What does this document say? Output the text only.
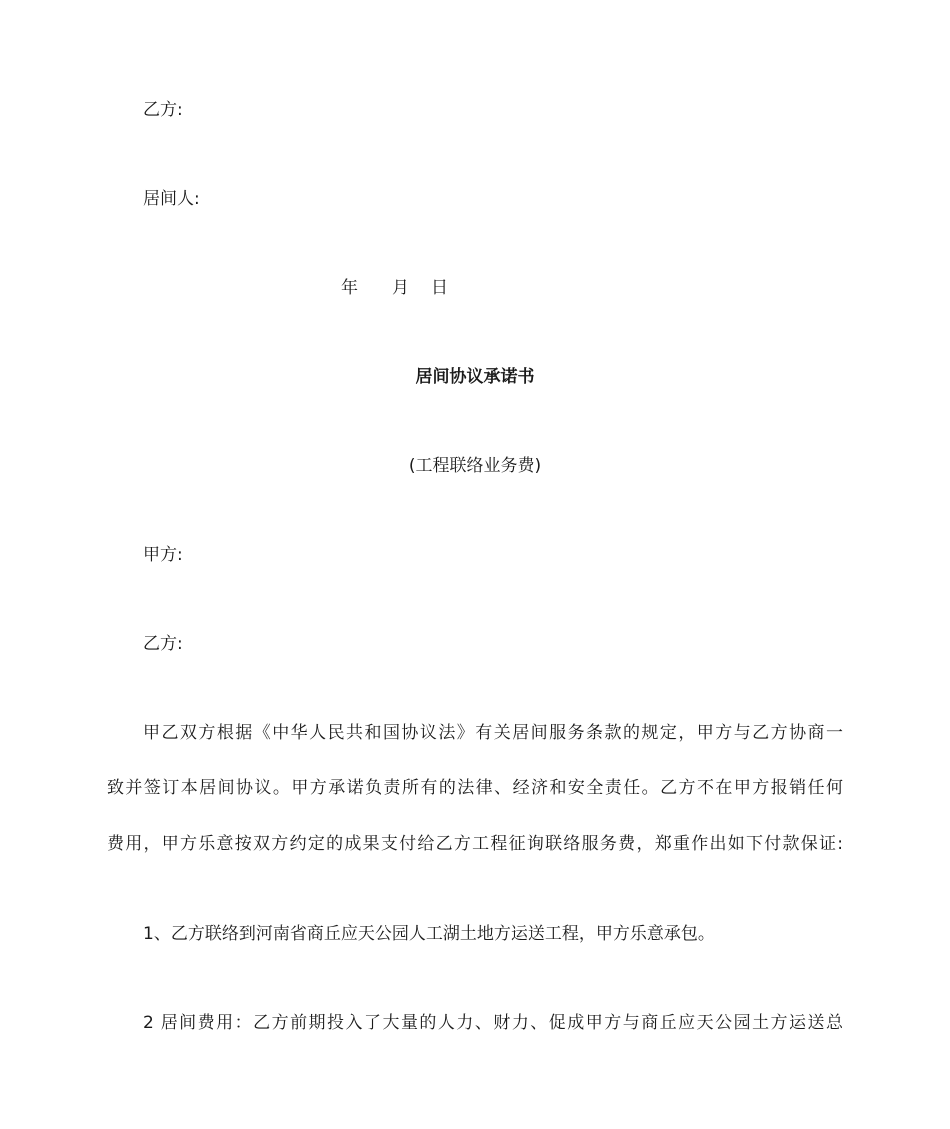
乙方:
居间人:
年 月 日
居间协议承诺书
(工程联络业务费)
甲方:
乙方:
甲乙双方根据《中华人民共和国协议法》有关居间服务条款的规定，甲方与乙方协商一
致并签订本居间协议。甲方承诺负责所有的法律、经济和安全责任。乙方不在甲方报销任何
费用，甲方乐意按双方约定的成果支付给乙方工程征询联络服务费，郑重作出如下付款保证:
1、乙方联络到河南省商丘应天公园人工湖土地方运送工程，甲方乐意承包。
2 居间费用：乙方前期投入了大量的人力、财力、促成甲方与商丘应天公园土方运送总
